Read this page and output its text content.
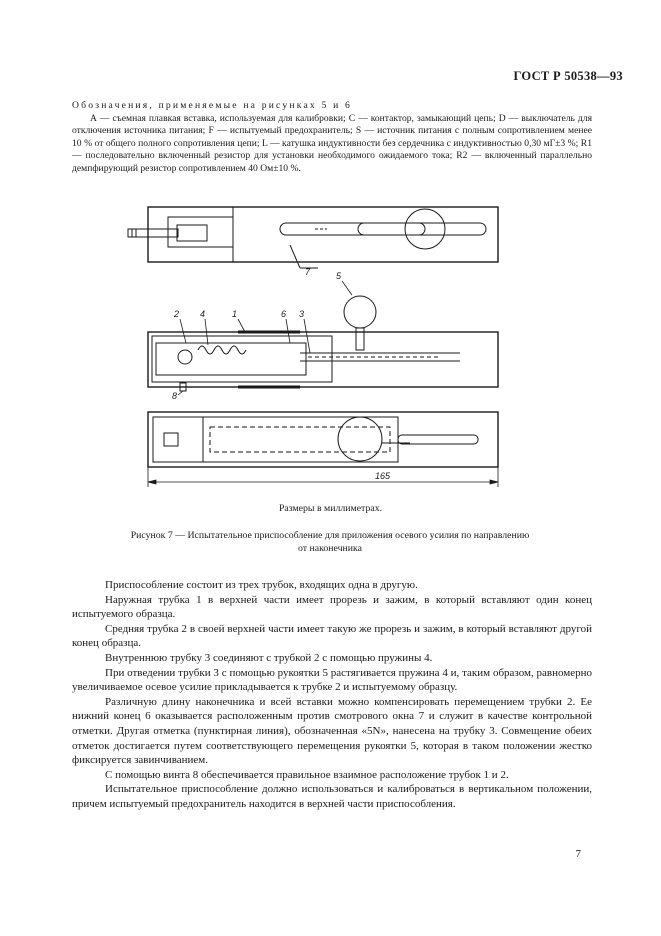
ГОСТ Р 50538—93

Обозначения, применяемые на рисунках 5 и 6

А — съемная плавкая вставка, используемая для калибровки; С — контактор, замыкающий цепь; D — выключатель для отключения источника питания; F — испытуемый предохранитель; S — источник питания с полным сопротивлением менее 10 % от общего полного сопротивления цепи; L — катушка индуктивности без сердечника с индуктивностью 0,30 мГ±3 %; R1 — последовательно включенный резистор для установки необходимого ожидаемого тока; R2 — включенный параллельно демпфирующий резистор сопротивлением 40 Ом±10 %.

7
2 4	1	6 3
5
8
165
Размеры в миллиметрах.
Рисунок 7 — Испытательное приспособление для приложения осевого усилия по направлению
от наконечника

Приспособление состоит из трех трубок, входящих одна в другую.

Наружная трубка 1 в верхней части имеет прорезь и зажим, в который вставляют один конец испытуемого образца.

Средняя трубка 2 в своей верхней части имеет такую же прорезь и зажим, в который вставляют другой конец образца.

Внутреннюю трубку 3 соединяют с трубкой 2 с помощью пружины 4.

При отведении трубки 3 с помощью рукоятки 5 растягивается пружина 4 и, таким образом, равномерно увеличиваемое осевое усилие прикладывается к трубке 2 и испытуемому образцу.

Различную длину наконечника и всей вставки можно компенсировать перемещением трубки 2. Ее нижний конец 6 оказывается расположенным против смотрового окна 7 и служит в качестве контрольной отметки. Другая отметка (пунктирная линия), обозначенная «5N», нанесена на трубку 3. Совмещение обеих отметок достигается путем соответствующего перемещения рукоятки 5, которая в таком положении жестко фиксируется завинчиванием.

С помощью винта 8 обеспечивается правильное взаимное расположение трубок 1 и 2.

Испытательное приспособление должно использоваться и калиброваться в вертикальном положении, причем испытуемый предохранитель находится в верхней части приспособления.

7
